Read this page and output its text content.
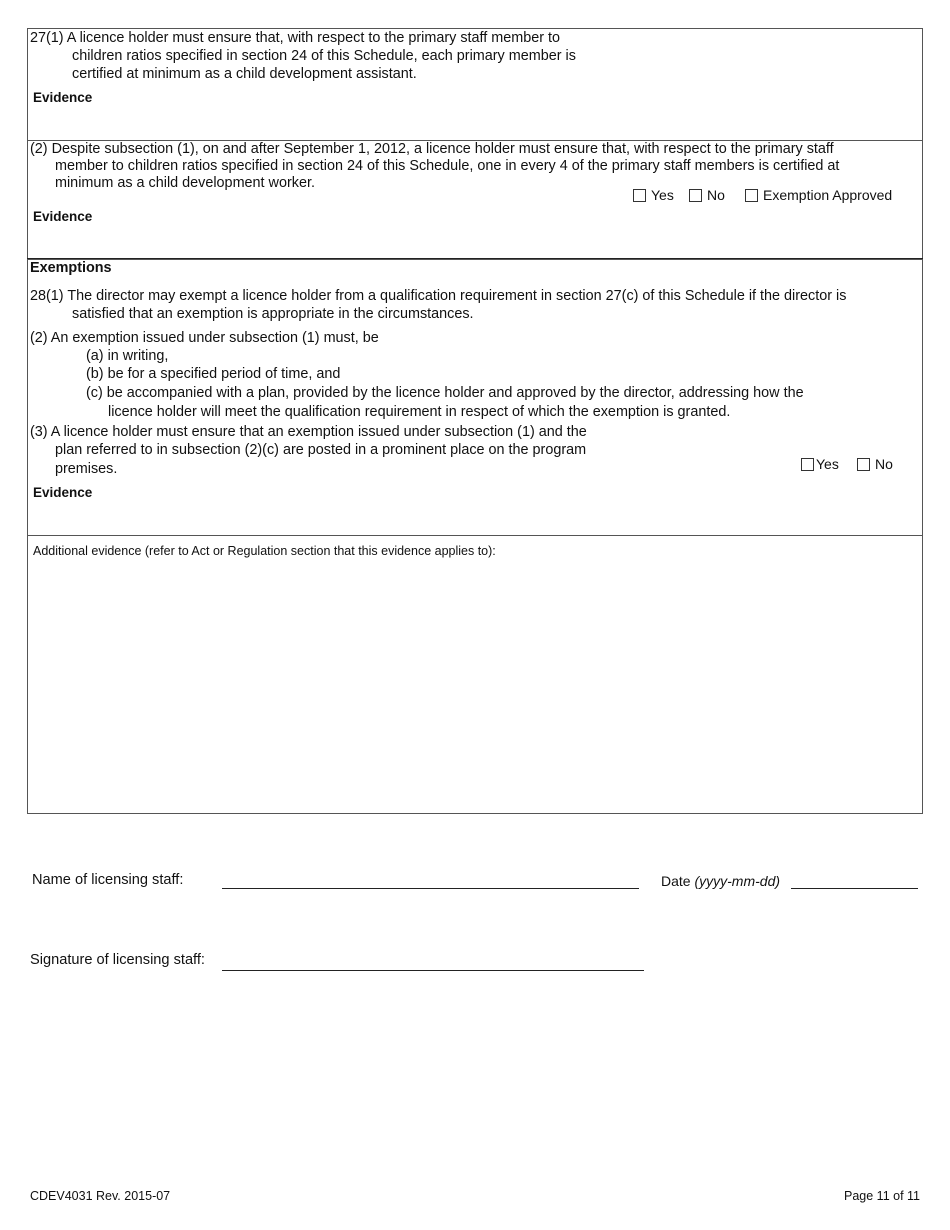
27(1) A licence holder must ensure that, with respect to the primary staff member to
children ratios specified in section 24 of this Schedule, each primary member is
certified at minimum as a child development assistant.
Evidence
(2) Despite subsection (1), on and after September 1, 2012, a licence holder must ensure that, with respect to the primary staff
member to children ratios specified in section 24 of this Schedule, one in every 4 of the primary staff members is certified at
minimum as a child development worker.
Yes No	Exemption Approved
Evidence
Exemptions
28(1) The director may exempt a licence holder from a qualification requirement in section 27(c) of this Schedule if the director is
satisfied that an exemption is appropriate in the circumstances.
(2) An exemption issued under subsection (1) must, be
(a) in writing,
(b) be for a specified period of time, and
(c) be accompanied with a plan, provided by the licence holder and approved by the director, addressing how the
licence holder will meet the qualification requirement in respect of which the exemption is granted.
(3) A licence holder must ensure that an exemption issued under subsection (1) and the
plan referred to in subsection (2)(c) are posted in a prominent place on the program
premises.	Yes	No
Evidence
Additional evidence (refer to Act or Regulation section that this evidence applies to):
Name of licensing staff:	Date (yyyy-mm-dd)
Signature of licensing staff:
CDEV4031 Rev. 2015-07	Page 11 of 11
